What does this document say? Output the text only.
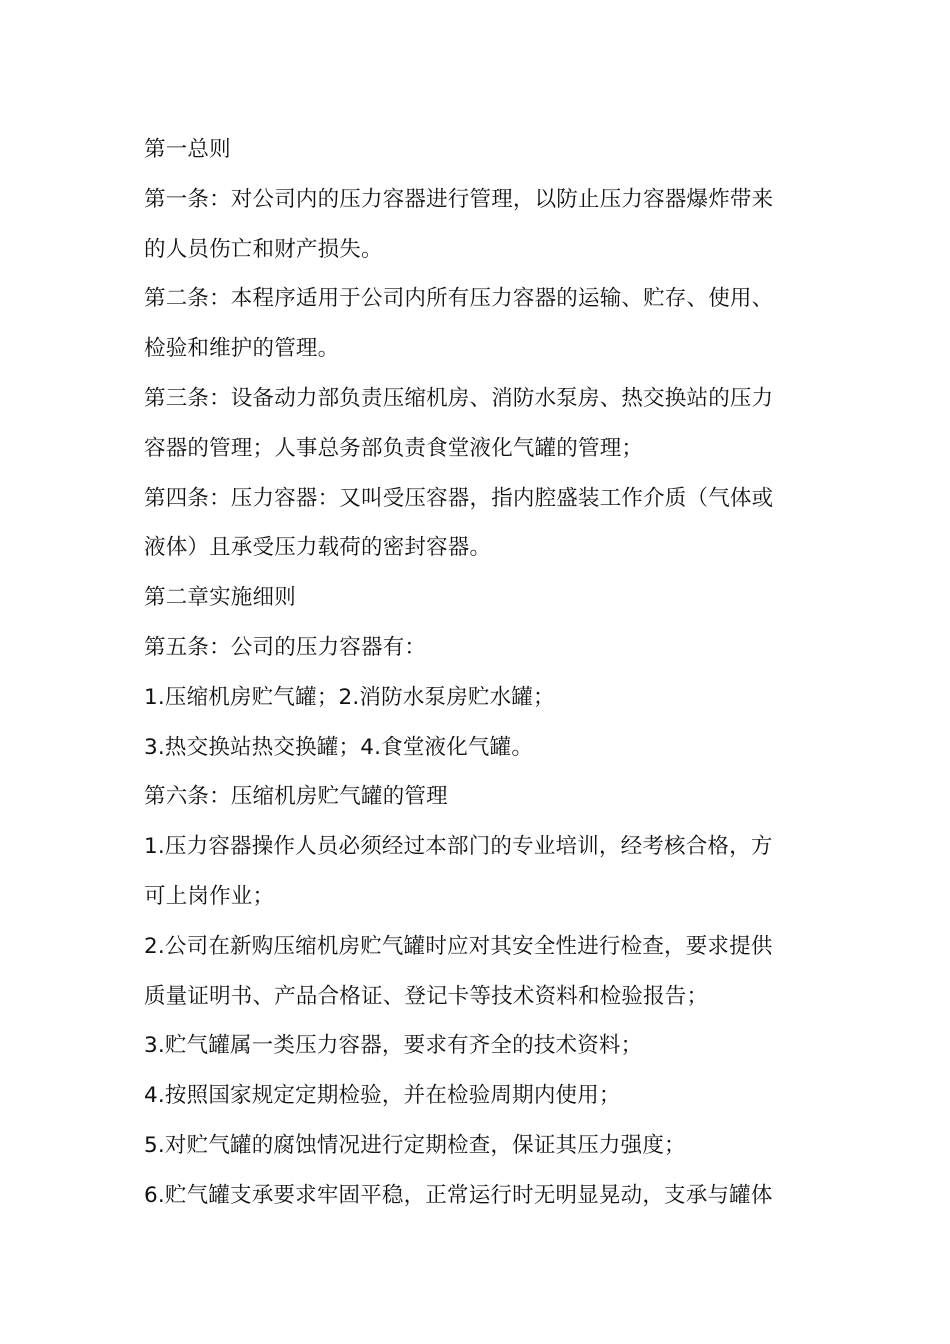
第一总则
第一条：对公司内的压力容器进行管理，以防止压力容器爆炸带来
的人员伤亡和财产损失。
第二条：本程序适用于公司内所有压力容器的运输、贮存、使用、
检验和维护的管理。
第三条：设备动力部负责压缩机房、消防水泵房、热交换站的压力
容器的管理；人事总务部负责食堂液化气罐的管理；
第四条：压力容器：又叫受压容器，指内腔盛装工作介质（气体或
液体）且承受压力载荷的密封容器。
第二章实施细则
第五条：公司的压力容器有：
1.压缩机房贮气罐；2.消防水泵房贮水罐；
3.热交换站热交换罐；4.食堂液化气罐。
第六条：压缩机房贮气罐的管理
1.压力容器操作人员必须经过本部门的专业培训，经考核合格，方
可上岗作业；
2.公司在新购压缩机房贮气罐时应对其安全性进行检查，要求提供
质量证明书、产品合格证、登记卡等技术资料和检验报告；
3.贮气罐属一类压力容器，要求有齐全的技术资料；
4.按照国家规定定期检验，并在检验周期内使用；
5.对贮气罐的腐蚀情况进行定期检查，保证其压力强度；
6.贮气罐支承要求牢固平稳，正常运行时无明显晃动，支承与罐体
